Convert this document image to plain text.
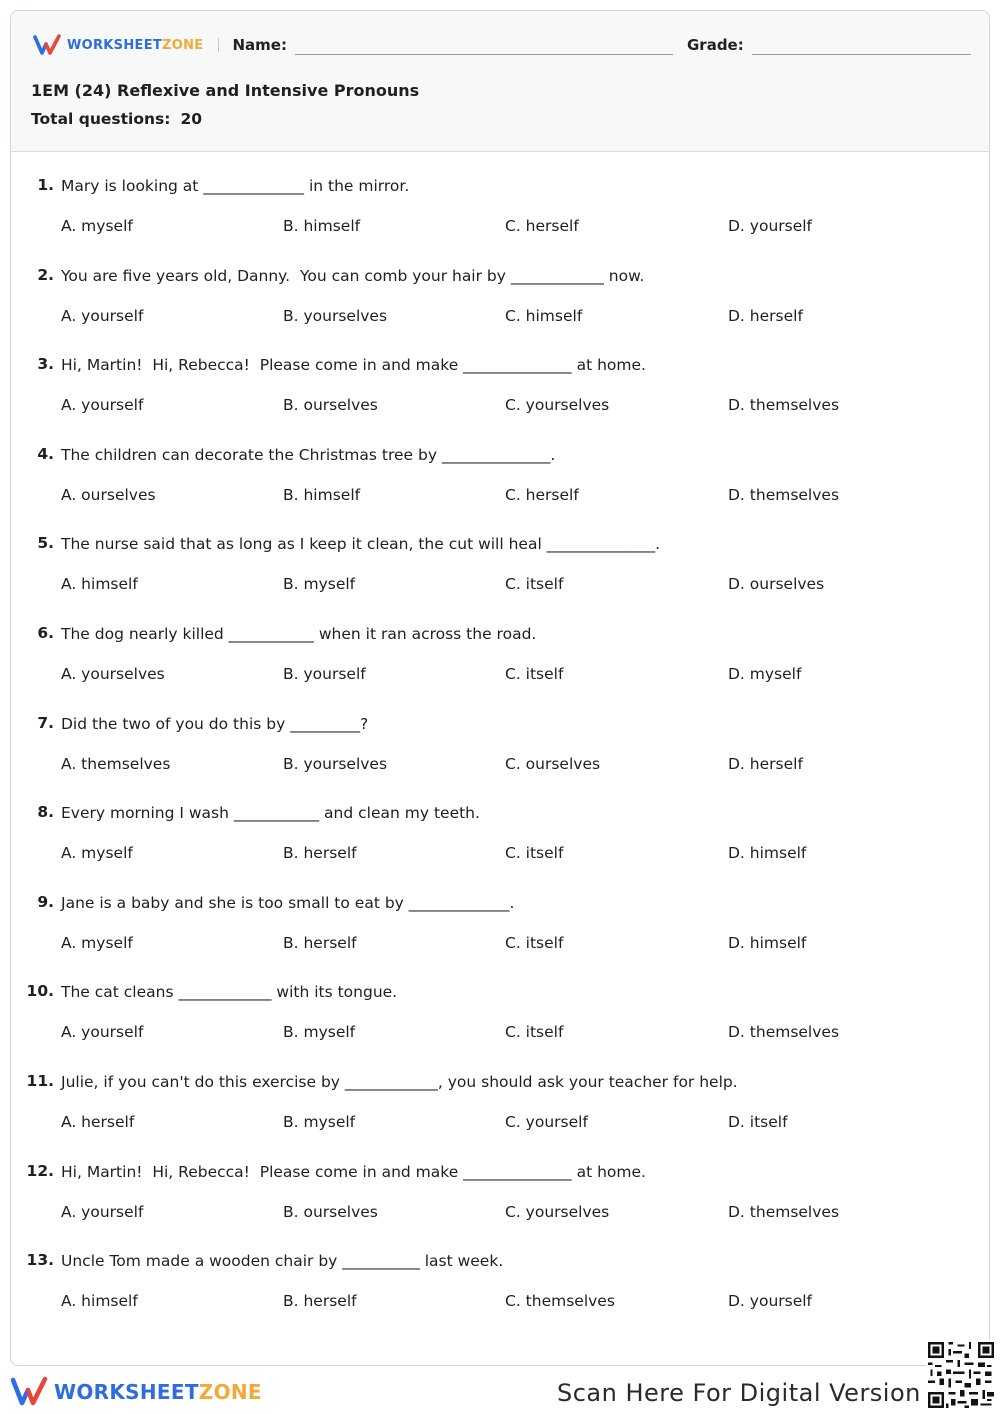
WORKSHEETZONE Name:	Grade:
1EM (24) Reflexive and Intensive Pronouns
Total questions: 20
1. Mary is looking at _____________ in the mirror.
A. myself	B. himself	C. herself	D. yourself
2. You are five years old, Danny.  You can comb your hair by ____________ now.
A. yourself	B. yourselves	C. himself	D. herself
3. Hi, Martin!  Hi, Rebecca!  Please come in and make ______________ at home.
A. yourself	B. ourselves	C. yourselves	D. themselves
4. The children can decorate the Christmas tree by ______________.
A. ourselves	B. himself	C. herself	D. themselves
5. The nurse said that as long as I keep it clean, the cut will heal ______________.
A. himself	B. myself	C. itself	D. ourselves
6. The dog nearly killed ___________ when it ran across the road.
A. yourselves	B. yourself	C. itself	D. myself
7. Did the two of you do this by _________?
A. themselves	B. yourselves	C. ourselves	D. herself
8. Every morning I wash ___________ and clean my teeth.
A. myself	B. herself	C. itself	D. himself
9. Jane is a baby and she is too small to eat by _____________.
A. myself	B. herself	C. itself	D. himself
10. The cat cleans ____________ with its tongue.
A. yourself	B. myself	C. itself	D. themselves
11. Julie, if you can't do this exercise by ____________, you should ask your teacher for help.
A. herself	B. myself	C. yourself	D. itself
12. Hi, Martin!  Hi, Rebecca!  Please come in and make ______________ at home.
A. yourself	B. ourselves	C. yourselves	D. themselves
13. Uncle Tom made a wooden chair by __________ last week.
A. himself	B. herself	C. themselves	D. yourself
WORKSHEETZONE	Scan Here For Digital Version
